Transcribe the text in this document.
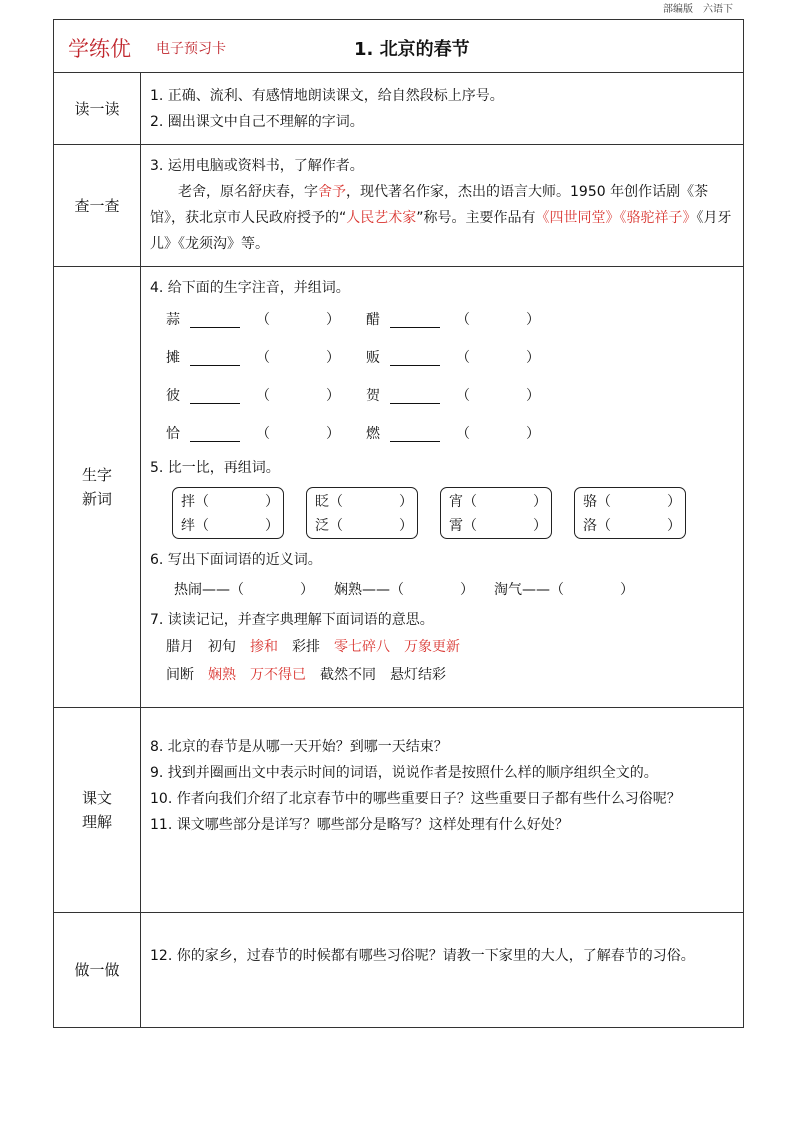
部编版　六语下
学练优 电子预习卡	1. 北京的春节
读一读
1. 正确、流利、有感情地朗读课文，给自然段标上序号。
2. 圈出课文中自己不理解的字词。
查一查
3. 运用电脑或资料书，了解作者。
老舍，原名舒庆春，字舍予，现代著名作家，杰出的语言大师。1950 年创作话剧《茶馆》，获北京市人民政府授予的“人民艺术家”称号。主要作品有《四世同堂》《骆驼祥子》《月牙儿》《龙须沟》等。
生字
新词
4. 给下面的生字注音，并组词。
蒜	（　　　　）	醋	（　　　　）
摊	（　　　　）	贩	（　　　　）
彼	（　　　　）	贺	（　　　　）
恰	（　　　　）	燃	（　　　　）
5. 比一比，再组词。
拌（　　　　）
绊（　　　　）
眨（　　　　）
泛（　　　　）
宵（　　　　）
霄（　　　　）
骆（　　　　）
洛（　　　　）
6. 写出下面词语的近义词。
热闹——（　　　　） 娴熟——（　　　　） 淘气——（　　　　）
7. 读读记记，并查字典理解下面词语的意思。
腊月 初旬 掺和 彩排 零七碎八 万象更新
间断 娴熟 万不得已 截然不同 悬灯结彩
课文
理解
8. 北京的春节是从哪一天开始？到哪一天结束？
9. 找到并圈画出文中表示时间的词语，说说作者是按照什么样的顺序组织全文的。
10. 作者向我们介绍了北京春节中的哪些重要日子？这些重要日子都有些什么习俗呢？
11. 课文哪些部分是详写？哪些部分是略写？这样处理有什么好处？
做一做
12. 你的家乡，过春节的时候都有哪些习俗呢？请教一下家里的大人，了解春节的习俗。
